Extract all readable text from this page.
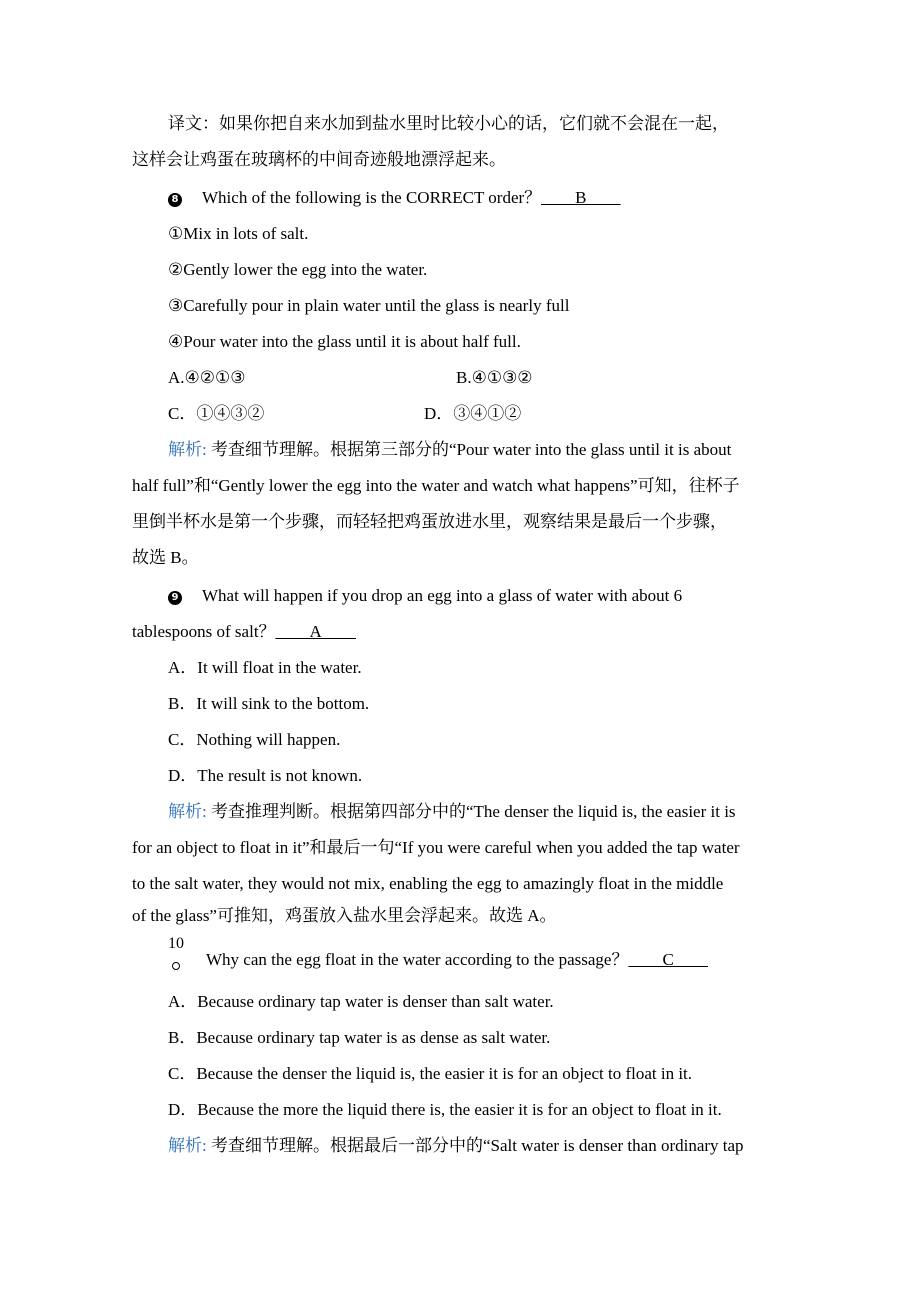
译文：如果你把自来水加到盐水里时比较小心的话，它们就不会混在一起，
这样会让鸡蛋在玻璃杯的中间奇迹般地漂浮起来。
8 Which of the following is the CORRECT order？____B____
①Mix in lots of salt.
②Gently lower the egg into the water.
③Carefully pour in plain water until the glass is nearly full
④Pour water into the glass until it is about half full.
A.④②①③	B.④①③②
C．①④③②	D．③④①②
解析: 考查细节理解。根据第三部分的“Pour water into the glass until it is about
half full”和“Gently lower the egg into the water and watch what happens”可知，往杯子
里倒半杯水是第一个步骤，而轻轻把鸡蛋放进水里，观察结果是最后一个步骤，
故选 B。
9 What will happen if you drop an egg into a glass of water with about 6
tablespoons of salt？____A____
A．It will float in the water.
B．It will sink to the bottom.
C．Nothing will happen.
D．The result is not known.
解析: 考查推理判断。根据第四部分中的“The denser the liquid is, the easier it is
for an object to float in it”和最后一句“If you were careful when you added the tap water
to the salt water, they would not mix, enabling the egg to amazingly float in the middle
of the glass”可推知，鸡蛋放入盐水里会浮起来。故选 A。
10
Why can the egg float in the water according to the passage？____C____
A．Because ordinary tap water is denser than salt water.
B．Because ordinary tap water is as dense as salt water.
C．Because the denser the liquid is, the easier it is for an object to float in it.
D．Because the more the liquid there is, the easier it is for an object to float in it.
解析: 考查细节理解。根据最后一部分中的“Salt water is denser than ordinary tap
